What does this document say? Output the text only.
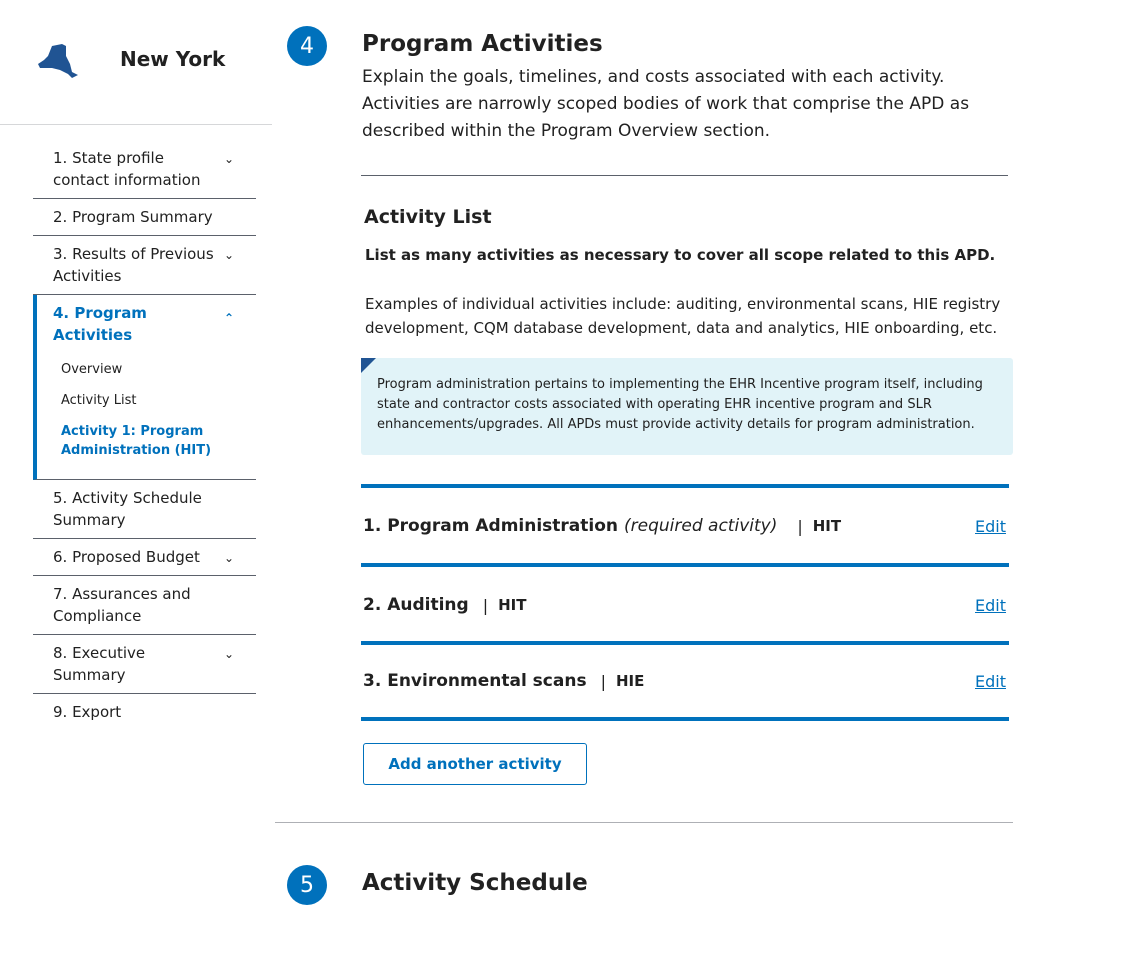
New York
1. State profile contact information
⌄
2. Program Summary
3. Results of Previous Activities
⌄
4. Program Activities
⌃
Overview
Activity List
Activity 1: Program Administration (HIT)
5. Activity Schedule Summary
6. Proposed Budget ⌄
7. Assurances and Compliance
8. Executive Summary
⌄
9. Export
4	Program Activities

Explain the goals, timelines, and costs associated with each activity. Activities are narrowly scoped bodies of work that comprise the APD as described within the Program Overview section.

Activity List

List as many activities as necessary to cover all scope related to this APD.

Examples of individual activities include: auditing, environmental scans, HIE registry development, CQM database development, data and analytics, HIE onboarding, etc.

Program administration pertains to implementing the EHR Incentive program itself, including state and contractor costs associated with operating EHR incentive program and SLR enhancements/upgrades. All APDs must provide activity details for program administration.
1. Program Administration (required activity) | HIT	Edit
2. Auditing | HIT	Edit
3. Environmental scans | HIE	Edit
Add another activity
5	Activity Schedule
